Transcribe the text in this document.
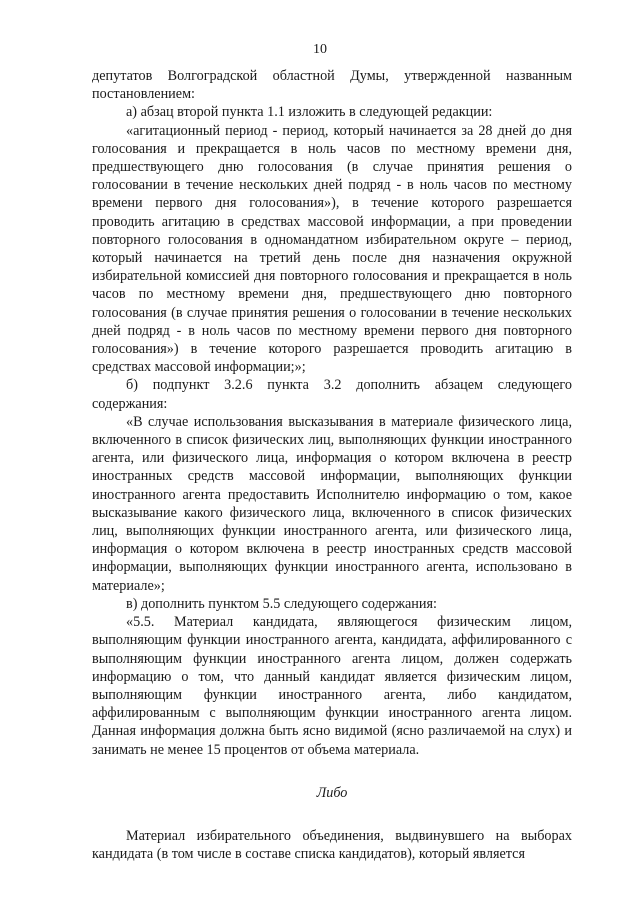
10

депутатов Волгоградской областной Думы, утвержденной названным постановлением:

а) абзац второй пункта 1.1 изложить в следующей редакции:

«агитационный период - период, который начинается за 28 дней до дня голосования и прекращается в ноль часов по местному времени дня, предшествующего дню голосования (в случае принятия решения о голосовании в течение нескольких дней подряд - в ноль часов по местному времени первого дня голосования»), в течение которого разрешается проводить агитацию в средствах массовой информации, а при проведении повторного голосования в одномандатном избирательном округе – период, который начинается на третий день после дня назначения окружной избирательной комиссией дня повторного голосования и прекращается в ноль часов по местному времени дня, предшествующего дню повторного голосования (в случае принятия решения о голосовании в течение нескольких дней подряд - в ноль часов по местному времени первого дня повторного голосования») в течение которого разрешается проводить агитацию в средствах массовой информации;»;

б) подпункт 3.2.6 пункта 3.2 дополнить абзацем следующего содержания:

«В случае использования высказывания в материале физического лица, включенного в список физических лиц, выполняющих функции иностранного агента, или физического лица, информация о котором включена в реестр иностранных средств массовой информации, выполняющих функции иностранного агента предоставить Исполнителю информацию о том, какое высказывание какого физического лица, включенного в список физических лиц, выполняющих функции иностранного агента, или физического лица, информация о котором включена в реестр иностранных средств массовой информации, выполняющих функции иностранного агента, использовано в материале»;

в) дополнить пунктом 5.5 следующего содержания:

«5.5. Материал кандидата, являющегося физическим лицом, выполняющим функции иностранного агента, кандидата, аффилированного с выполняющим функции иностранного агента лицом, должен содержать информацию о том, что данный кандидат является физическим лицом, выполняющим функции иностранного агента, либо кандидатом, аффилированным с выполняющим функции иностранного агента лицом. Данная информация должна быть ясно видимой (ясно различаемой на слух) и занимать не менее 15 процентов от объема материала.

Либо

Материал избирательного объединения, выдвинувшего на выборах кандидата (в том числе в составе списка кандидатов), который является
